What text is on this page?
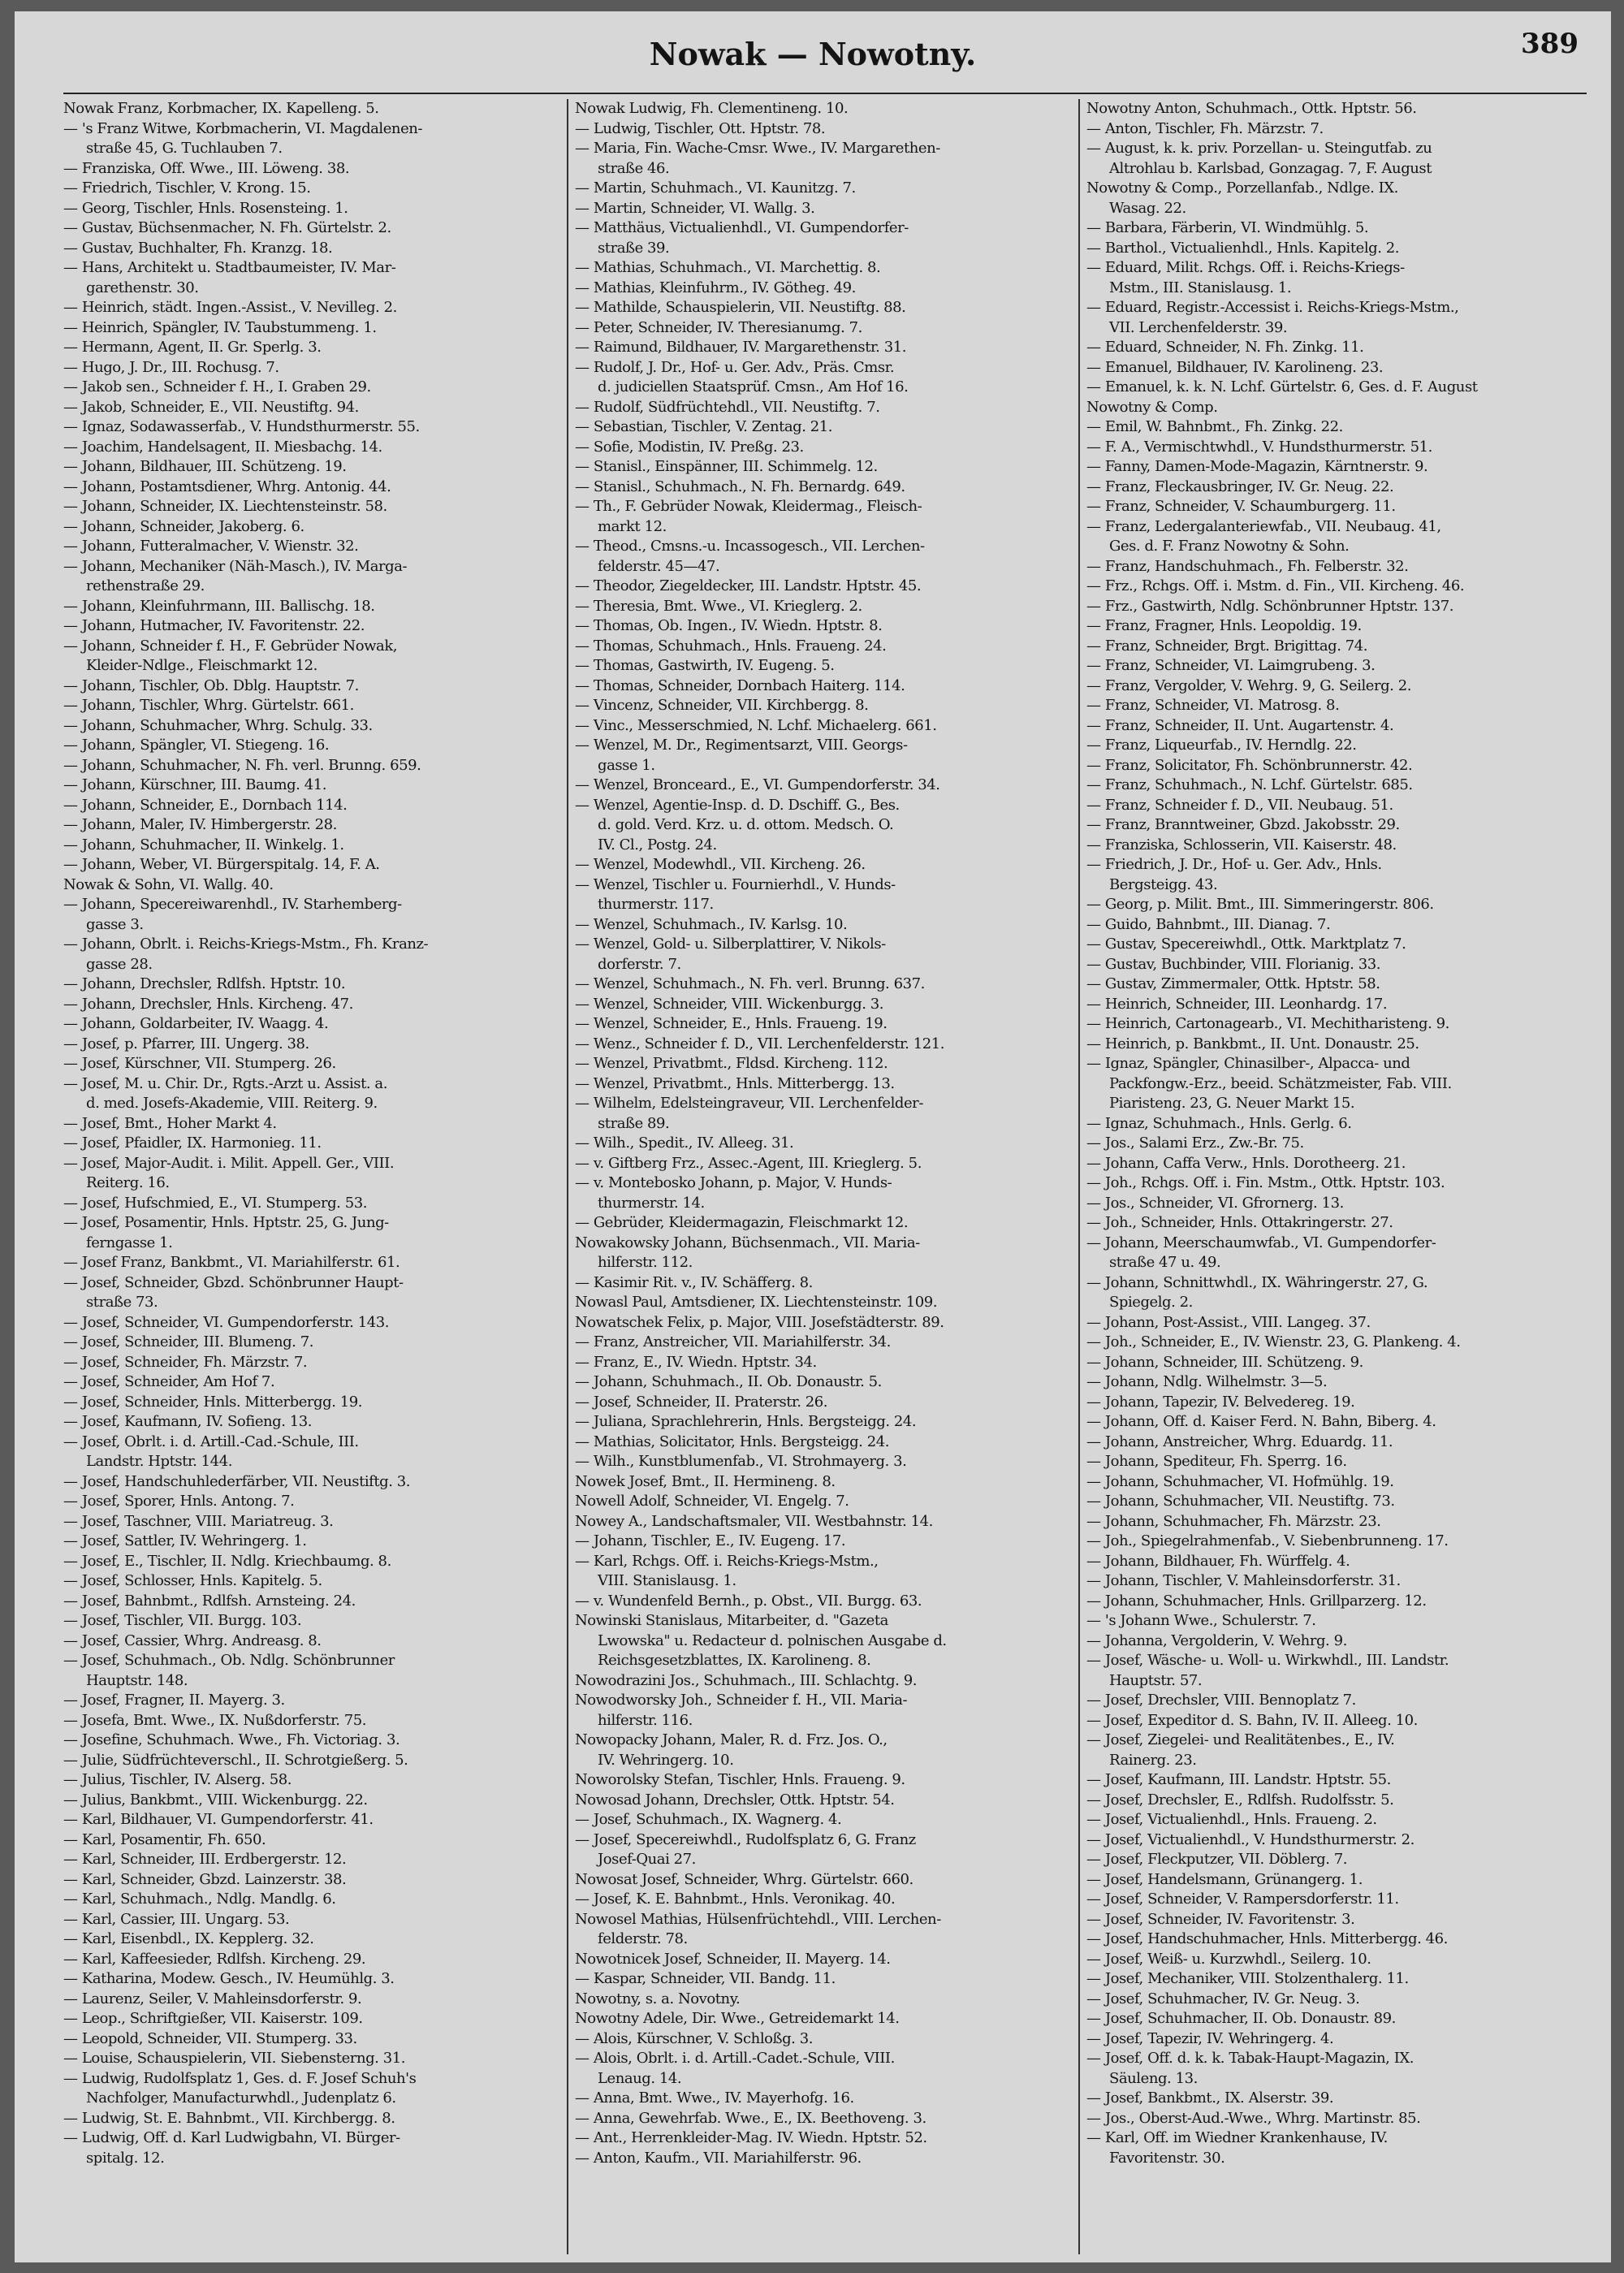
Nowak — Nowotny.	389
Nowak Franz, Korbmacher, IX. Kapelleng. 5.
— 's Franz Witwe, Korbmacherin, VI. Magdalenen-
straße 45, G. Tuchlauben 7.
— Franziska, Off. Wwe., III. Löweng. 38.
— Friedrich, Tischler, V. Krong. 15.
— Georg, Tischler, Hnls. Rosensteing. 1.
— Gustav, Büchsenmacher, N. Fh. Gürtelstr. 2.
— Gustav, Buchhalter, Fh. Kranzg. 18.
— Hans, Architekt u. Stadtbaumeister, IV. Mar-
garethenstr. 30.
— Heinrich, städt. Ingen.-Assist., V. Nevilleg. 2.
— Heinrich, Spängler, IV. Taubstummeng. 1.
— Hermann, Agent, II. Gr. Sperlg. 3.
— Hugo, J. Dr., III. Rochusg. 7.
— Jakob sen., Schneider f. H., I. Graben 29.
— Jakob, Schneider, E., VII. Neustiftg. 94.
— Ignaz, Sodawasserfab., V. Hundsthurmerstr. 55.
— Joachim, Handelsagent, II. Miesbachg. 14.
— Johann, Bildhauer, III. Schützeng. 19.
— Johann, Postamtsdiener, Whrg. Antonig. 44.
— Johann, Schneider, IX. Liechtensteinstr. 58.
— Johann, Schneider, Jakoberg. 6.
— Johann, Futteralmacher, V. Wienstr. 32.
— Johann, Mechaniker (Näh-Masch.), IV. Marga-
rethenstraße 29.
— Johann, Kleinfuhrmann, III. Ballischg. 18.
— Johann, Hutmacher, IV. Favoritenstr. 22.
— Johann, Schneider f. H., F. Gebrüder Nowak,
Kleider-Ndlge., Fleischmarkt 12.
— Johann, Tischler, Ob. Dblg. Hauptstr. 7.
— Johann, Tischler, Whrg. Gürtelstr. 661.
— Johann, Schuhmacher, Whrg. Schulg. 33.
— Johann, Spängler, VI. Stiegeng. 16.
— Johann, Schuhmacher, N. Fh. verl. Brunng. 659.
— Johann, Kürschner, III. Baumg. 41.
— Johann, Schneider, E., Dornbach 114.
— Johann, Maler, IV. Himbergerstr. 28.
— Johann, Schuhmacher, II. Winkelg. 1.
— Johann, Weber, VI. Bürgerspitalg. 14, F. A.
Nowak & Sohn, VI. Wallg. 40.
— Johann, Specereiwarenhdl., IV. Starhemberg-
gasse 3.
— Johann, Obrlt. i. Reichs-Kriegs-Mstm., Fh. Kranz-
gasse 28.
— Johann, Drechsler, Rdlfsh. Hptstr. 10.
— Johann, Drechsler, Hnls. Kircheng. 47.
— Johann, Goldarbeiter, IV. Waagg. 4.
— Josef, p. Pfarrer, III. Ungerg. 38.
— Josef, Kürschner, VII. Stumperg. 26.
— Josef, M. u. Chir. Dr., Rgts.-Arzt u. Assist. a.
d. med. Josefs-Akademie, VIII. Reiterg. 9.
— Josef, Bmt., Hoher Markt 4.
— Josef, Pfaidler, IX. Harmonieg. 11.
— Josef, Major-Audit. i. Milit. Appell. Ger., VIII.
Reiterg. 16.
— Josef, Hufschmied, E., VI. Stumperg. 53.
— Josef, Posamentir, Hnls. Hptstr. 25, G. Jung-
ferngasse 1.
— Josef Franz, Bankbmt., VI. Mariahilferstr. 61.
— Josef, Schneider, Gbzd. Schönbrunner Haupt-
straße 73.
— Josef, Schneider, VI. Gumpendorferstr. 143.
— Josef, Schneider, III. Blumeng. 7.
— Josef, Schneider, Fh. Märzstr. 7.
— Josef, Schneider, Am Hof 7.
— Josef, Schneider, Hnls. Mitterbergg. 19.
— Josef, Kaufmann, IV. Sofieng. 13.
— Josef, Obrlt. i. d. Artill.-Cad.-Schule, III.
Landstr. Hptstr. 144.
— Josef, Handschuhlederfärber, VII. Neustiftg. 3.
— Josef, Sporer, Hnls. Antong. 7.
— Josef, Taschner, VIII. Mariatreug. 3.
— Josef, Sattler, IV. Wehringerg. 1.
— Josef, E., Tischler, II. Ndlg. Kriechbaumg. 8.
— Josef, Schlosser, Hnls. Kapitelg. 5.
— Josef, Bahnbmt., Rdlfsh. Arnsteing. 24.
— Josef, Tischler, VII. Burgg. 103.
— Josef, Cassier, Whrg. Andreasg. 8.
— Josef, Schuhmach., Ob. Ndlg. Schönbrunner
Hauptstr. 148.
— Josef, Fragner, II. Mayerg. 3.
— Josefa, Bmt. Wwe., IX. Nußdorferstr. 75.
— Josefine, Schuhmach. Wwe., Fh. Victoriag. 3.
— Julie, Südfrüchteverschl., II. Schrotgießerg. 5.
— Julius, Tischler, IV. Alserg. 58.
— Julius, Bankbmt., VIII. Wickenburgg. 22.
— Karl, Bildhauer, VI. Gumpendorferstr. 41.
— Karl, Posamentir, Fh. 650.
— Karl, Schneider, III. Erdbergerstr. 12.
— Karl, Schneider, Gbzd. Lainzerstr. 38.
— Karl, Schuhmach., Ndlg. Mandlg. 6.
— Karl, Cassier, III. Ungarg. 53.
— Karl, Eisenbdl., IX. Kepplerg. 32.
— Karl, Kaffeesieder, Rdlfsh. Kircheng. 29.
— Katharina, Modew. Gesch., IV. Heumühlg. 3.
— Laurenz, Seiler, V. Mahleinsdorferstr. 9.
— Leop., Schriftgießer, VII. Kaiserstr. 109.
— Leopold, Schneider, VII. Stumperg. 33.
— Louise, Schauspielerin, VII. Siebensterng. 31.
— Ludwig, Rudolfsplatz 1, Ges. d. F. Josef Schuh's
Nachfolger, Manufacturwhdl., Judenplatz 6.
— Ludwig, St. E. Bahnbmt., VII. Kirchbergg. 8.
— Ludwig, Off. d. Karl Ludwigbahn, VI. Bürger-
spitalg. 12.
Nowak Ludwig, Fh. Clementineng. 10.
— Ludwig, Tischler, Ott. Hptstr. 78.
— Maria, Fin. Wache-Cmsr. Wwe., IV. Margarethen-
straße 46.
— Martin, Schuhmach., VI. Kaunitzg. 7.
— Martin, Schneider, VI. Wallg. 3.
— Matthäus, Victualienhdl., VI. Gumpendorfer-
straße 39.
— Mathias, Schuhmach., VI. Marchettig. 8.
— Mathias, Kleinfuhrm., IV. Götheg. 49.
— Mathilde, Schauspielerin, VII. Neustiftg. 88.
— Peter, Schneider, IV. Theresianumg. 7.
— Raimund, Bildhauer, IV. Margarethenstr. 31.
— Rudolf, J. Dr., Hof- u. Ger. Adv., Präs. Cmsr.
d. judiciellen Staatsprüf. Cmsn., Am Hof 16.
— Rudolf, Südfrüchtehdl., VII. Neustiftg. 7.
— Sebastian, Tischler, V. Zentag. 21.
— Sofie, Modistin, IV. Preßg. 23.
— Stanisl., Einspänner, III. Schimmelg. 12.
— Stanisl., Schuhmach., N. Fh. Bernardg. 649.
— Th., F. Gebrüder Nowak, Kleidermag., Fleisch-
markt 12.
— Theod., Cmsns.-u. Incassogesch., VII. Lerchen-
felderstr. 45—47.
— Theodor, Ziegeldecker, III. Landstr. Hptstr. 45.
— Theresia, Bmt. Wwe., VI. Krieglerg. 2.
— Thomas, Ob. Ingen., IV. Wiedn. Hptstr. 8.
— Thomas, Schuhmach., Hnls. Fraueng. 24.
— Thomas, Gastwirth, IV. Eugeng. 5.
— Thomas, Schneider, Dornbach Haiterg. 114.
— Vincenz, Schneider, VII. Kirchbergg. 8.
— Vinc., Messerschmied, N. Lchf. Michaelerg. 661.
— Wenzel, M. Dr., Regimentsarzt, VIII. Georgs-
gasse 1.
— Wenzel, Bronceard., E., VI. Gumpendorferstr. 34.
— Wenzel, Agentie-Insp. d. D. Dschiff. G., Bes.
d. gold. Verd. Krz. u. d. ottom. Medsch. O.
IV. Cl., Postg. 24.
— Wenzel, Modewhdl., VII. Kircheng. 26.
— Wenzel, Tischler u. Fournierhdl., V. Hunds-
thurmerstr. 117.
— Wenzel, Schuhmach., IV. Karlsg. 10.
— Wenzel, Gold- u. Silberplattirer, V. Nikols-
dorferstr. 7.
— Wenzel, Schuhmach., N. Fh. verl. Brunng. 637.
— Wenzel, Schneider, VIII. Wickenburgg. 3.
— Wenzel, Schneider, E., Hnls. Fraueng. 19.
— Wenz., Schneider f. D., VII. Lerchenfelderstr. 121.
— Wenzel, Privatbmt., Fldsd. Kircheng. 112.
— Wenzel, Privatbmt., Hnls. Mitterbergg. 13.
— Wilhelm, Edelsteingraveur, VII. Lerchenfelder-
straße 89.
— Wilh., Spedit., IV. Alleeg. 31.
— v. Giftberg Frz., Assec.-Agent, III. Krieglerg. 5.
— v. Montebosko Johann, p. Major, V. Hunds-
thurmerstr. 14.
— Gebrüder, Kleidermagazin, Fleischmarkt 12.
Nowakowsky Johann, Büchsenmach., VII. Maria-
hilferstr. 112.
— Kasimir Rit. v., IV. Schäfferg. 8.
Nowasl Paul, Amtsdiener, IX. Liechtensteinstr. 109.
Nowatschek Felix, p. Major, VIII. Josefstädterstr. 89.
— Franz, Anstreicher, VII. Mariahilferstr. 34.
— Franz, E., IV. Wiedn. Hptstr. 34.
— Johann, Schuhmach., II. Ob. Donaustr. 5.
— Josef, Schneider, II. Praterstr. 26.
— Juliana, Sprachlehrerin, Hnls. Bergsteigg. 24.
— Mathias, Solicitator, Hnls. Bergsteigg. 24.
— Wilh., Kunstblumenfab., VI. Strohmayerg. 3.
Nowek Josef, Bmt., II. Hermineng. 8.
Nowell Adolf, Schneider, VI. Engelg. 7.
Nowey A., Landschaftsmaler, VII. Westbahnstr. 14.
— Johann, Tischler, E., IV. Eugeng. 17.
— Karl, Rchgs. Off. i. Reichs-Kriegs-Mstm.,
VIII. Stanislausg. 1.
— v. Wundenfeld Bernh., p. Obst., VII. Burgg. 63.
Nowinski Stanislaus, Mitarbeiter, d. "Gazeta
Lwowska" u. Redacteur d. polnischen Ausgabe d.
Reichsgesetzblattes, IX. Karolineng. 8.
Nowodrazini Jos., Schuhmach., III. Schlachtg. 9.
Nowodworsky Joh., Schneider f. H., VII. Maria-
hilferstr. 116.
Nowopacky Johann, Maler, R. d. Frz. Jos. O.,
IV. Wehringerg. 10.
Noworolsky Stefan, Tischler, Hnls. Fraueng. 9.
Nowosad Johann, Drechsler, Ottk. Hptstr. 54.
— Josef, Schuhmach., IX. Wagnerg. 4.
— Josef, Specereiwhdl., Rudolfsplatz 6, G. Franz
Josef-Quai 27.
Nowosat Josef, Schneider, Whrg. Gürtelstr. 660.
— Josef, K. E. Bahnbmt., Hnls. Veronikag. 40.
Nowosel Mathias, Hülsenfrüchtehdl., VIII. Lerchen-
felderstr. 78.
Nowotnicek Josef, Schneider, II. Mayerg. 14.
— Kaspar, Schneider, VII. Bandg. 11.
Nowotny, s. a. Novotny.
Nowotny Adele, Dir. Wwe., Getreidemarkt 14.
— Alois, Kürschner, V. Schloßg. 3.
— Alois, Obrlt. i. d. Artill.-Cadet.-Schule, VIII.
Lenaug. 14.
— Anna, Bmt. Wwe., IV. Mayerhofg. 16.
— Anna, Gewehrfab. Wwe., E., IX. Beethoveng. 3.
— Ant., Herrenkleider-Mag. IV. Wiedn. Hptstr. 52.
— Anton, Kaufm., VII. Mariahilferstr. 96.
Nowotny Anton, Schuhmach., Ottk. Hptstr. 56.
— Anton, Tischler, Fh. Märzstr. 7.
— August, k. k. priv. Porzellan- u. Steingutfab. zu
Altrohlau b. Karlsbad, Gonzagag. 7, F. August
Nowotny & Comp., Porzellanfab., Ndlge. IX.
Wasag. 22.
— Barbara, Färberin, VI. Windmühlg. 5.
— Barthol., Victualienhdl., Hnls. Kapitelg. 2.
— Eduard, Milit. Rchgs. Off. i. Reichs-Kriegs-
Mstm., III. Stanislausg. 1.
— Eduard, Registr.-Accessist i. Reichs-Kriegs-Mstm.,
VII. Lerchenfelderstr. 39.
— Eduard, Schneider, N. Fh. Zinkg. 11.
— Emanuel, Bildhauer, IV. Karolineng. 23.
— Emanuel, k. k. N. Lchf. Gürtelstr. 6, Ges. d. F. August
Nowotny & Comp.
— Emil, W. Bahnbmt., Fh. Zinkg. 22.
— F. A., Vermischtwhdl., V. Hundsthurmerstr. 51.
— Fanny, Damen-Mode-Magazin, Kärntnerstr. 9.
— Franz, Fleckausbringer, IV. Gr. Neug. 22.
— Franz, Schneider, V. Schaumburgerg. 11.
— Franz, Ledergalanteriewfab., VII. Neubaug. 41,
Ges. d. F. Franz Nowotny & Sohn.
— Franz, Handschuhmach., Fh. Felberstr. 32.
— Frz., Rchgs. Off. i. Mstm. d. Fin., VII. Kircheng. 46.
— Frz., Gastwirth, Ndlg. Schönbrunner Hptstr. 137.
— Franz, Fragner, Hnls. Leopoldig. 19.
— Franz, Schneider, Brgt. Brigittag. 74.
— Franz, Schneider, VI. Laimgrubeng. 3.
— Franz, Vergolder, V. Wehrg. 9, G. Seilerg. 2.
— Franz, Schneider, VI. Matrosg. 8.
— Franz, Schneider, II. Unt. Augartenstr. 4.
— Franz, Liqueurfab., IV. Herndlg. 22.
— Franz, Solicitator, Fh. Schönbrunnerstr. 42.
— Franz, Schuhmach., N. Lchf. Gürtelstr. 685.
— Franz, Schneider f. D., VII. Neubaug. 51.
— Franz, Branntweiner, Gbzd. Jakobsstr. 29.
— Franziska, Schlosserin, VII. Kaiserstr. 48.
— Friedrich, J. Dr., Hof- u. Ger. Adv., Hnls.
Bergsteigg. 43.
— Georg, p. Milit. Bmt., III. Simmeringerstr. 806.
— Guido, Bahnbmt., III. Dianag. 7.
— Gustav, Specereiwhdl., Ottk. Marktplatz 7.
— Gustav, Buchbinder, VIII. Florianig. 33.
— Gustav, Zimmermaler, Ottk. Hptstr. 58.
— Heinrich, Schneider, III. Leonhardg. 17.
— Heinrich, Cartonagearb., VI. Mechitharisteng. 9.
— Heinrich, p. Bankbmt., II. Unt. Donaustr. 25.
— Ignaz, Spängler, Chinasilber-, Alpacca- und
Packfongw.-Erz., beeid. Schätzmeister, Fab. VIII.
Piaristeng. 23, G. Neuer Markt 15.
— Ignaz, Schuhmach., Hnls. Gerlg. 6.
— Jos., Salami Erz., Zw.-Br. 75.
— Johann, Caffa Verw., Hnls. Dorotheerg. 21.
— Joh., Rchgs. Off. i. Fin. Mstm., Ottk. Hptstr. 103.
— Jos., Schneider, VI. Gfrornerg. 13.
— Joh., Schneider, Hnls. Ottakringerstr. 27.
— Johann, Meerschaumwfab., VI. Gumpendorfer-
straße 47 u. 49.
— Johann, Schnittwhdl., IX. Währingerstr. 27, G.
Spiegelg. 2.
— Johann, Post-Assist., VIII. Langeg. 37.
— Joh., Schneider, E., IV. Wienstr. 23, G. Plankeng. 4.
— Johann, Schneider, III. Schützeng. 9.
— Johann, Ndlg. Wilhelmstr. 3—5.
— Johann, Tapezir, IV. Belvedereg. 19.
— Johann, Off. d. Kaiser Ferd. N. Bahn, Biberg. 4.
— Johann, Anstreicher, Whrg. Eduardg. 11.
— Johann, Spediteur, Fh. Sperrg. 16.
— Johann, Schuhmacher, VI. Hofmühlg. 19.
— Johann, Schuhmacher, VII. Neustiftg. 73.
— Johann, Schuhmacher, Fh. Märzstr. 23.
— Joh., Spiegelrahmenfab., V. Siebenbrunneng. 17.
— Johann, Bildhauer, Fh. Würffelg. 4.
— Johann, Tischler, V. Mahleinsdorferstr. 31.
— Johann, Schuhmacher, Hnls. Grillparzerg. 12.
— 's Johann Wwe., Schulerstr. 7.
— Johanna, Vergolderin, V. Wehrg. 9.
— Josef, Wäsche- u. Woll- u. Wirkwhdl., III. Landstr.
Hauptstr. 57.
— Josef, Drechsler, VIII. Bennoplatz 7.
— Josef, Expeditor d. S. Bahn, IV. II. Alleeg. 10.
— Josef, Ziegelei- und Realitätenbes., E., IV.
Rainerg. 23.
— Josef, Kaufmann, III. Landstr. Hptstr. 55.
— Josef, Drechsler, E., Rdlfsh. Rudolfsstr. 5.
— Josef, Victualienhdl., Hnls. Fraueng. 2.
— Josef, Victualienhdl., V. Hundsthurmerstr. 2.
— Josef, Fleckputzer, VII. Döblerg. 7.
— Josef, Handelsmann, Grünangerg. 1.
— Josef, Schneider, V. Rampersdorferstr. 11.
— Josef, Schneider, IV. Favoritenstr. 3.
— Josef, Handschuhmacher, Hnls. Mitterbergg. 46.
— Josef, Weiß- u. Kurzwhdl., Seilerg. 10.
— Josef, Mechaniker, VIII. Stolzenthalerg. 11.
— Josef, Schuhmacher, IV. Gr. Neug. 3.
— Josef, Schuhmacher, II. Ob. Donaustr. 89.
— Josef, Tapezir, IV. Wehringerg. 4.
— Josef, Off. d. k. k. Tabak-Haupt-Magazin, IX.
Säuleng. 13.
— Josef, Bankbmt., IX. Alserstr. 39.
— Jos., Oberst-Aud.-Wwe., Whrg. Martinstr. 85.
— Karl, Off. im Wiedner Krankenhause, IV.
Favoritenstr. 30.
